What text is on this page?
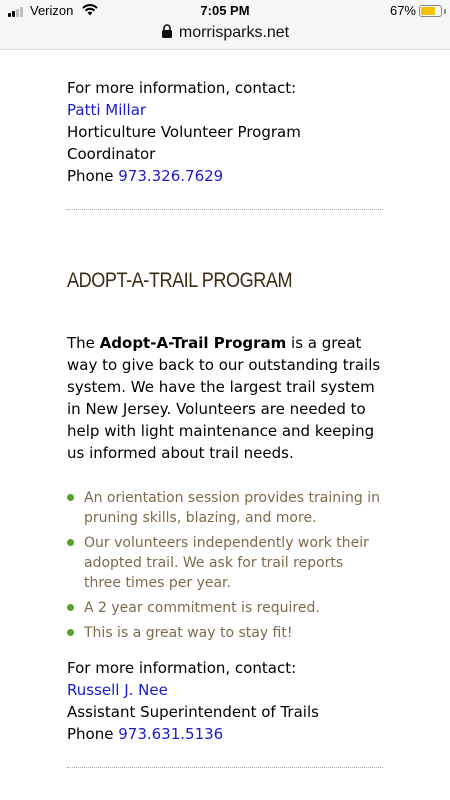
Verizon	7:05 PM	67%
morrisparks.net
For more information, contact:
Patti Millar
Horticulture Volunteer Program
Coordinator
Phone 973.326.7629
ADOPT-A-TRAIL PROGRAM
The Adopt-A-Trail Program is a great way to give back to our outstanding trails system. We have the largest trail system in New Jersey. Volunteers are needed to help with light maintenance and keeping us informed about trail needs.
An orientation session provides training in pruning skills, blazing, and more.
Our volunteers independently work their adopted trail. We ask for trail reports three times per year.
A 2 year commitment is required.
This is a great way to stay fit!
For more information, contact:
Russell J. Nee
Assistant Superintendent of Trails
Phone 973.631.5136
